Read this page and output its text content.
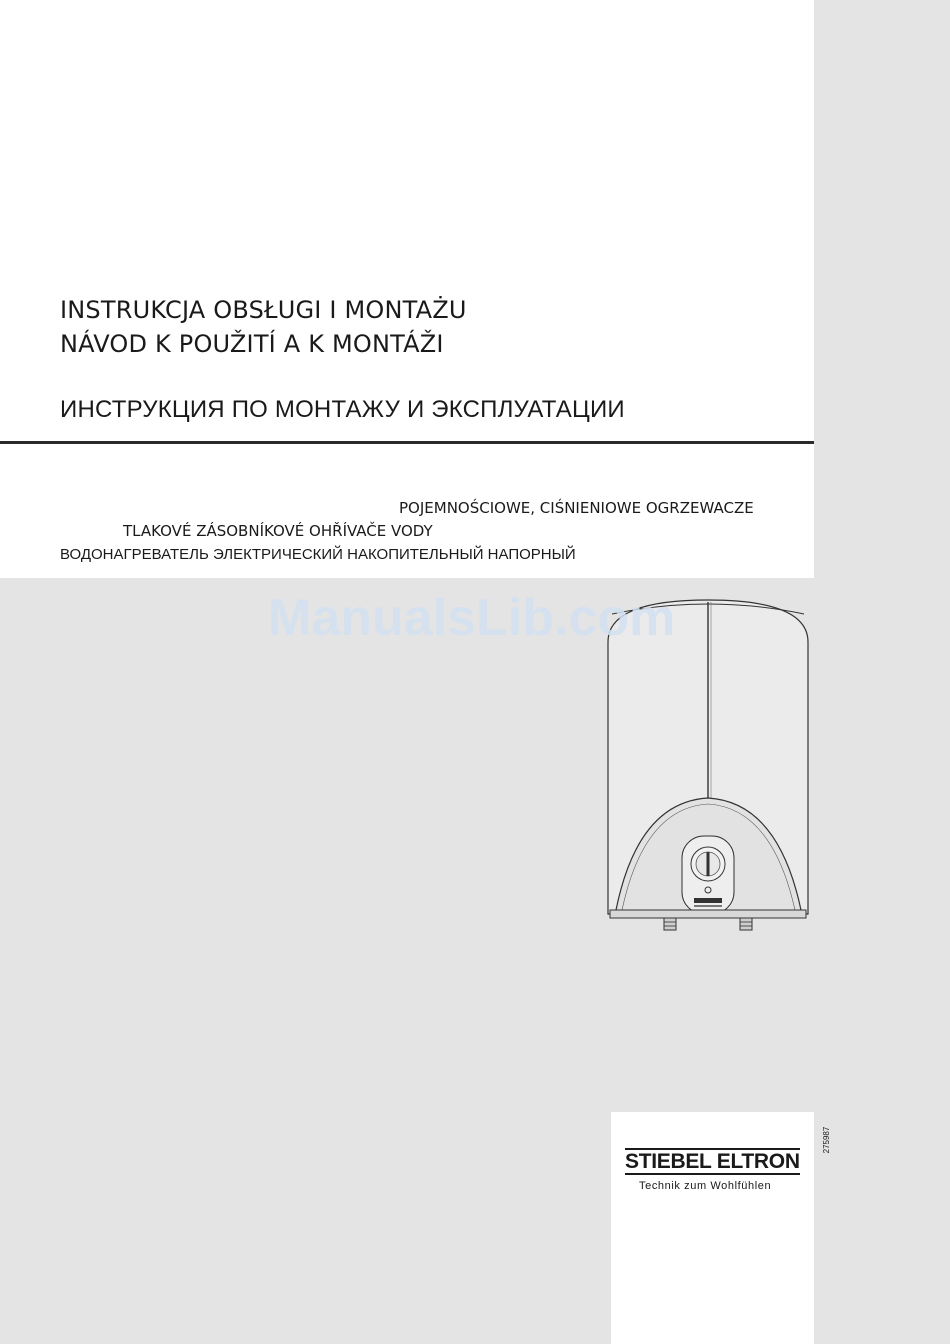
INSTRUKCJA OBSŁUGI I MONTAŻU
NÁVOD K POUŽITÍ A K MONTÁŽI
ИНСТРУКЦИЯ ПО МОНТАЖУ И ЭКСПЛУАТАЦИИ

POJEMNOŚCIOWE, CIŚNIENIOWE OGRZEWACZE

TLAKOVÉ ZÁSOBNÍKOVÉ OHŘÍVAČE VODY

ВОДОНАГРЕВАТЕЛЬ ЭЛЕКТРИЧЕСКИЙ НАКОПИТЕЛЬНЫЙ НАПОРНЫЙ

ManualsLib.com

STIEBEL ELTRON

Technik zum Wohlfühlen

275987
